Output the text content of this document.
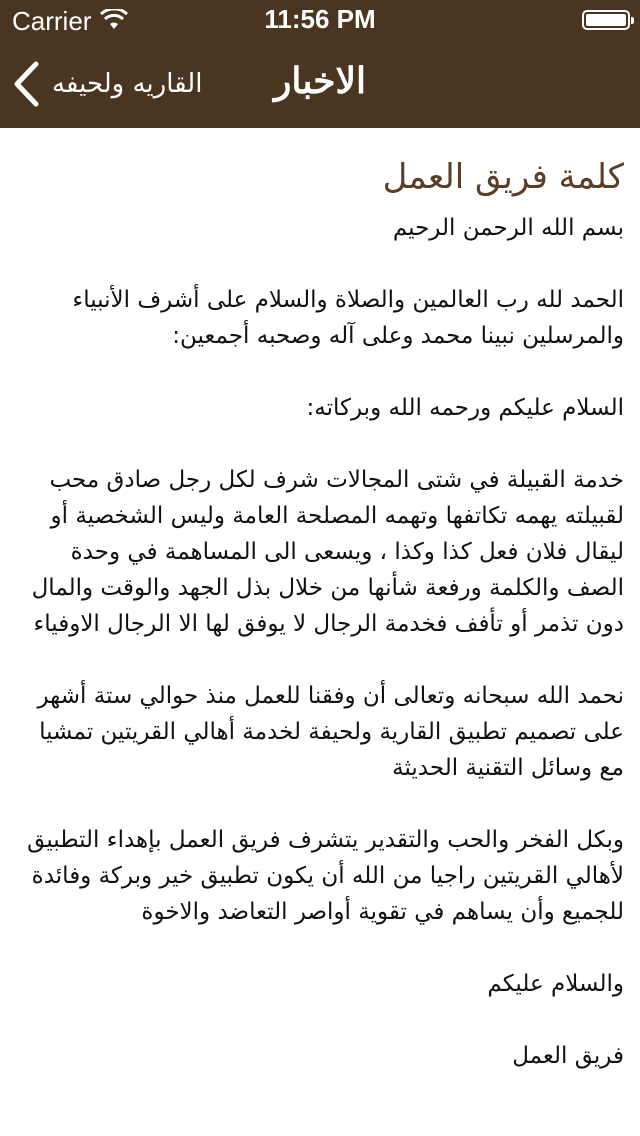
Carrier	11:56 PM
القاريه ولحيفه	الاخبار
كلمة فريق العمل

بسم الله الرحمن الرحيم

الحمد لله رب العالمين والصلاة والسلام على أشرف الأنبياء والمرسلين نبينا محمد وعلى آله وصحبه أجمعين:

السلام عليكم ورحمه الله وبركاته:

خدمة القبيلة في شتى المجالات شرف لكل رجل صادق محب لقبيلته يهمه تكاتفها وتهمه المصلحة العامة وليس الشخصية أو ليقال فلان فعل كذا وكذا ، ويسعى الى المساهمة في وحدة الصف والكلمة ورفعة شأنها من خلال بذل الجهد والوقت والمال دون تذمر أو تأفف فخدمة الرجال لا يوفق لها الا الرجال الاوفياء

نحمد الله سبحانه وتعالى أن وفقنا للعمل منذ حوالي ستة أشهر على تصميم تطبيق القارية ولحيفة لخدمة أهالي القريتين تمشيا مع وسائل التقنية الحديثة

وبكل الفخر والحب والتقدير يتشرف فريق العمل بإهداء التطبيق لأهالي القريتين راجيا من الله أن يكون تطبيق خير وبركة وفائدة للجميع وأن يساهم في تقوية أواصر التعاضد والاخوة

والسلام عليكم

فريق العمل
